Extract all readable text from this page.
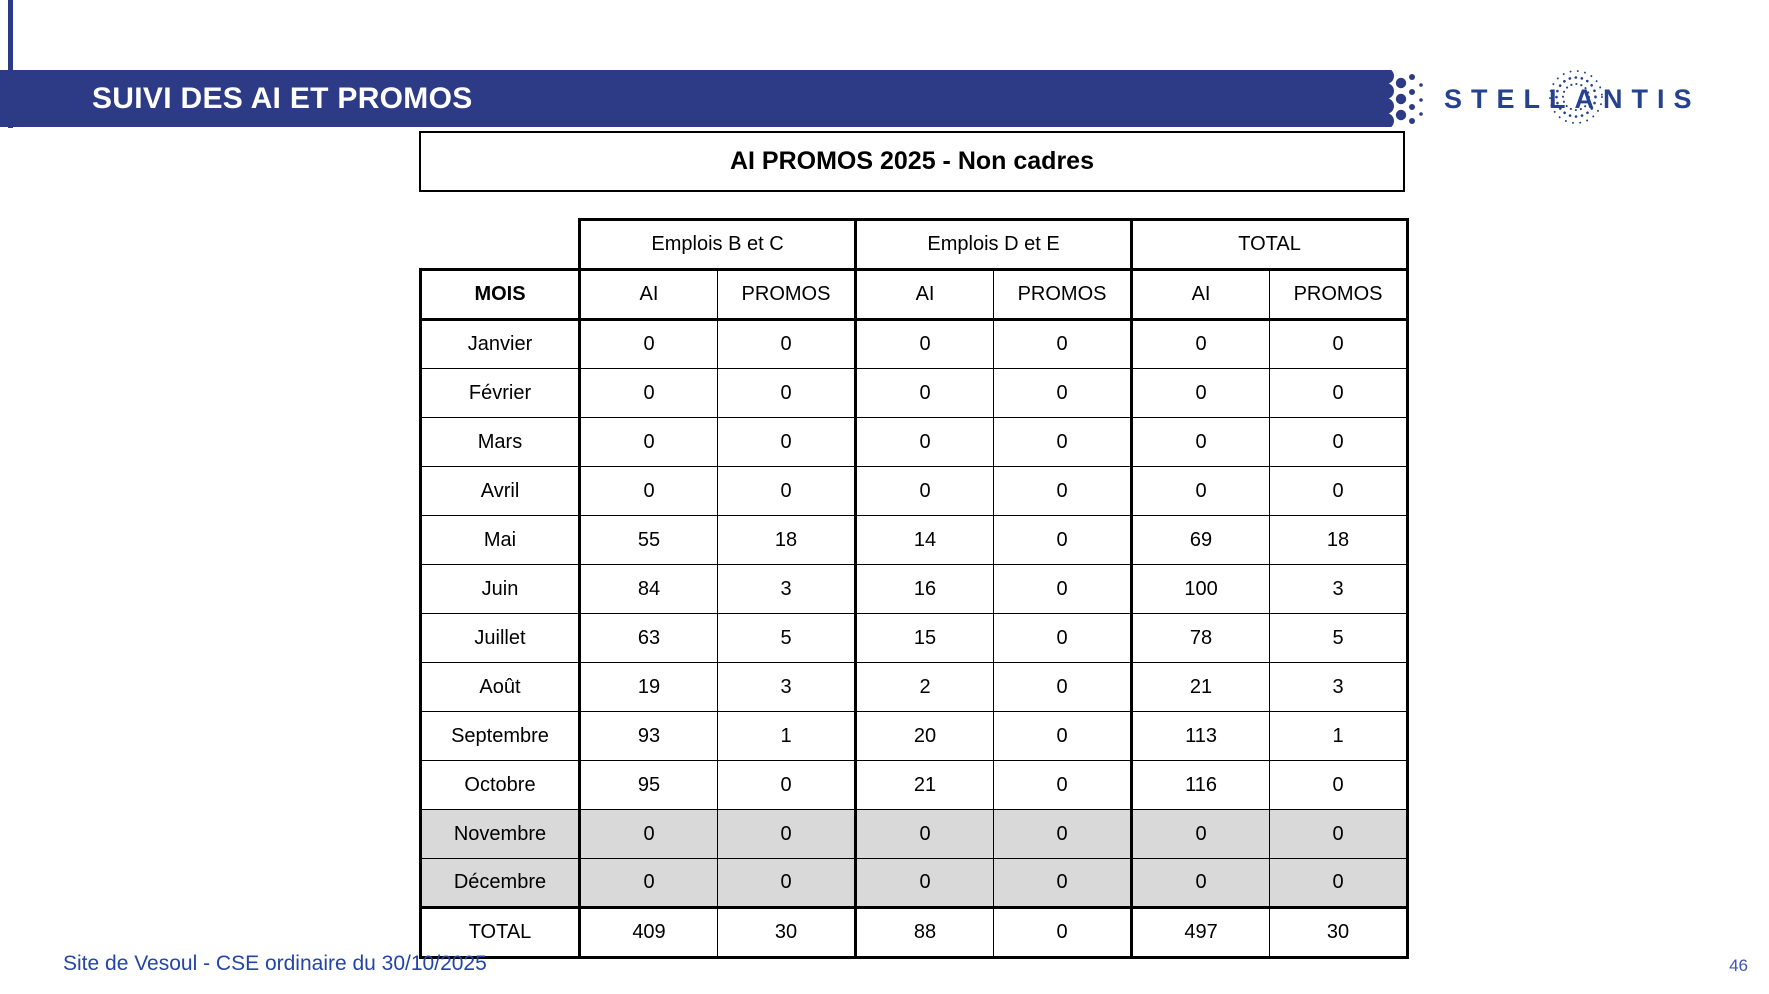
SUIVI DES AI ET PROMOS	STELLANTIS
AI PROMOS 2025 - Non cadres
	Emplois B et C		Emplois D et E		TOTAL	
MOIS	AI	PROMOS	AI	PROMOS	AI	PROMOS
Janvier	0	0	0	0	0	0
Février	0	0	0	0	0	0
Mars	0	0	0	0	0	0
Avril	0	0	0	0	0	0
Mai	55	18	14	0	69	18
Juin	84	3	16	0	100	3
Juillet	63	5	15	0	78	5
Août	19	3	2	0	21	3
Septembre	93	1	20	0	113	1
Octobre	95	0	21	0	116	0
Novembre	0	0	0	0	0	0
Décembre	0	0	0	0	0	0
TOTAL	409	30	88	0	497	30
Site de Vesoul - CSE ordinaire du 30/10/2025	46
